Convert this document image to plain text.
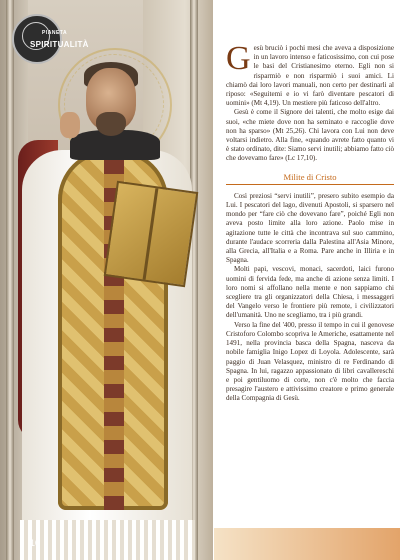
PIANETA
SPIRITUALITÀ
10

Gesù bruciò i pochi mesi che aveva a disposizione in un lavoro intenso e faticosissimo, con cui pose le basi del Cristianesimo eterno. Egli non si risparmiò e non risparmiò i suoi amici. Li chiamò dai loro lavori manuali, non certo per destinarli al riposo: «Seguitemi e io vi farò diventare pescatori di uomini» (Mt 4,19). Un mestiere più faticoso dell'altro.

Gesù è come il Signore dei talenti, che molto esige dai suoi, «che miete dove non ha seminato e raccoglie dove non ha sparso» (Mt 25,26). Chi lavora con Lui non deve voltarsi indietro. Alla fine, «quando avrete fatto quanto vi è stato ordinato, dite: Siamo servi inutili; abbiamo fatto ciò che dovevamo fare» (Lc 17,10).

Milite di Cristo

Così preziosi “servi inutili”, presero subito esempio da Lui. I pescatori del lago, divenuti Apostoli, si sparsero nel mondo per “fare ciò che dovevano fare”, poiché Egli non aveva posto limite alla loro azione. Paolo mise in agitazione tutte le città che incontrava sul suo cammino, durante l'audace scorreria dalla Palestina all'Asia Minore, alla Grecia, all'Italia e a Roma. Pare anche in Illiria e in Spagna.

Molti papi, vescovi, monaci, sacerdoti, laici furono uomini di fervida fede, ma anche di azione senza limiti. I loro nomi si affollano nella mente e non sappiamo chi scegliere tra gli organizzatori della Chiesa, i messaggeri del Vangelo verso le frontiere più remote, i civilizzatori dell'umanità. Uno ne scegliamo, tra i più grandi.

Verso la fine del '400, presso il tempo in cui il genovese Cristoforo Colombo scopriva le Americhe, esattamente nel 1491, nella provincia basca della Spagna, nasceva da nobile famiglia Inigo Lopez di Loyola. Adolescente, sarà paggio di Juan Velasquez, ministro di re Ferdinando di Spagna. In lui, ragazzo appassionato di libri cavallereschi e poi gentiluomo di corte, non c'è molto che faccia presagire l'austero e attivissimo creatore e primo generale della Compagnia di Gesù.
